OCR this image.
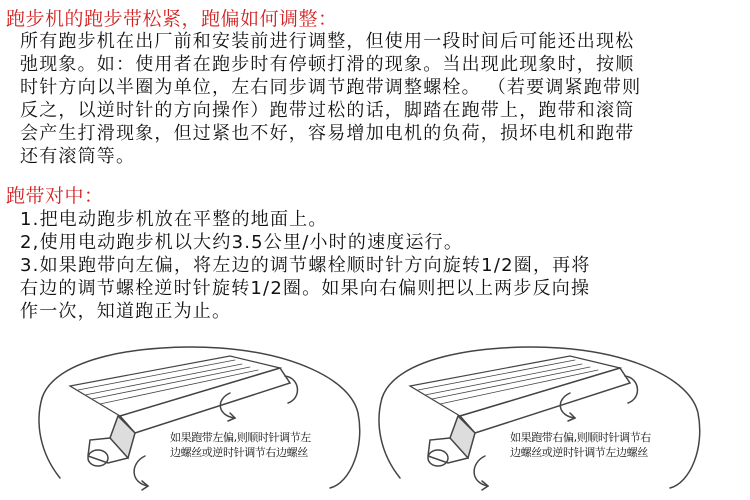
跑步机的跑步带松紧，跑偏如何调整：
所有跑步机在出厂前和安装前进行调整，但使用一段时间后可能还出现松
弛现象。如：使用者在跑步时有停顿打滑的现象。当出现此现象时，按顺
时针方向以半圈为单位，左右同步调节跑带调整螺栓。 （若要调紧跑带则
反之，以逆时针的方向操作）跑带过松的话，脚踏在跑带上，跑带和滚筒
会产生打滑现象，但过紧也不好，容易增加电机的负荷，损坏电机和跑带
还有滚筒等。
跑带对中：
1.把电动跑步机放在平整的地面上。
2,使用电动跑步机以大约3.5公里/小时的速度运行。
3.如果跑带向左偏，将左边的调节螺栓顺时针方向旋转1/2圈，再将
右边的调节螺栓逆时针旋转1/2圈。如果向右偏则把以上两步反向操
作一次，知道跑正为止。
如果跑带左偏,则顺时针调节左
边螺丝或逆时针调节右边螺丝
如果跑带右偏,则顺时针调节右
边螺丝或逆时针调节左边螺丝
